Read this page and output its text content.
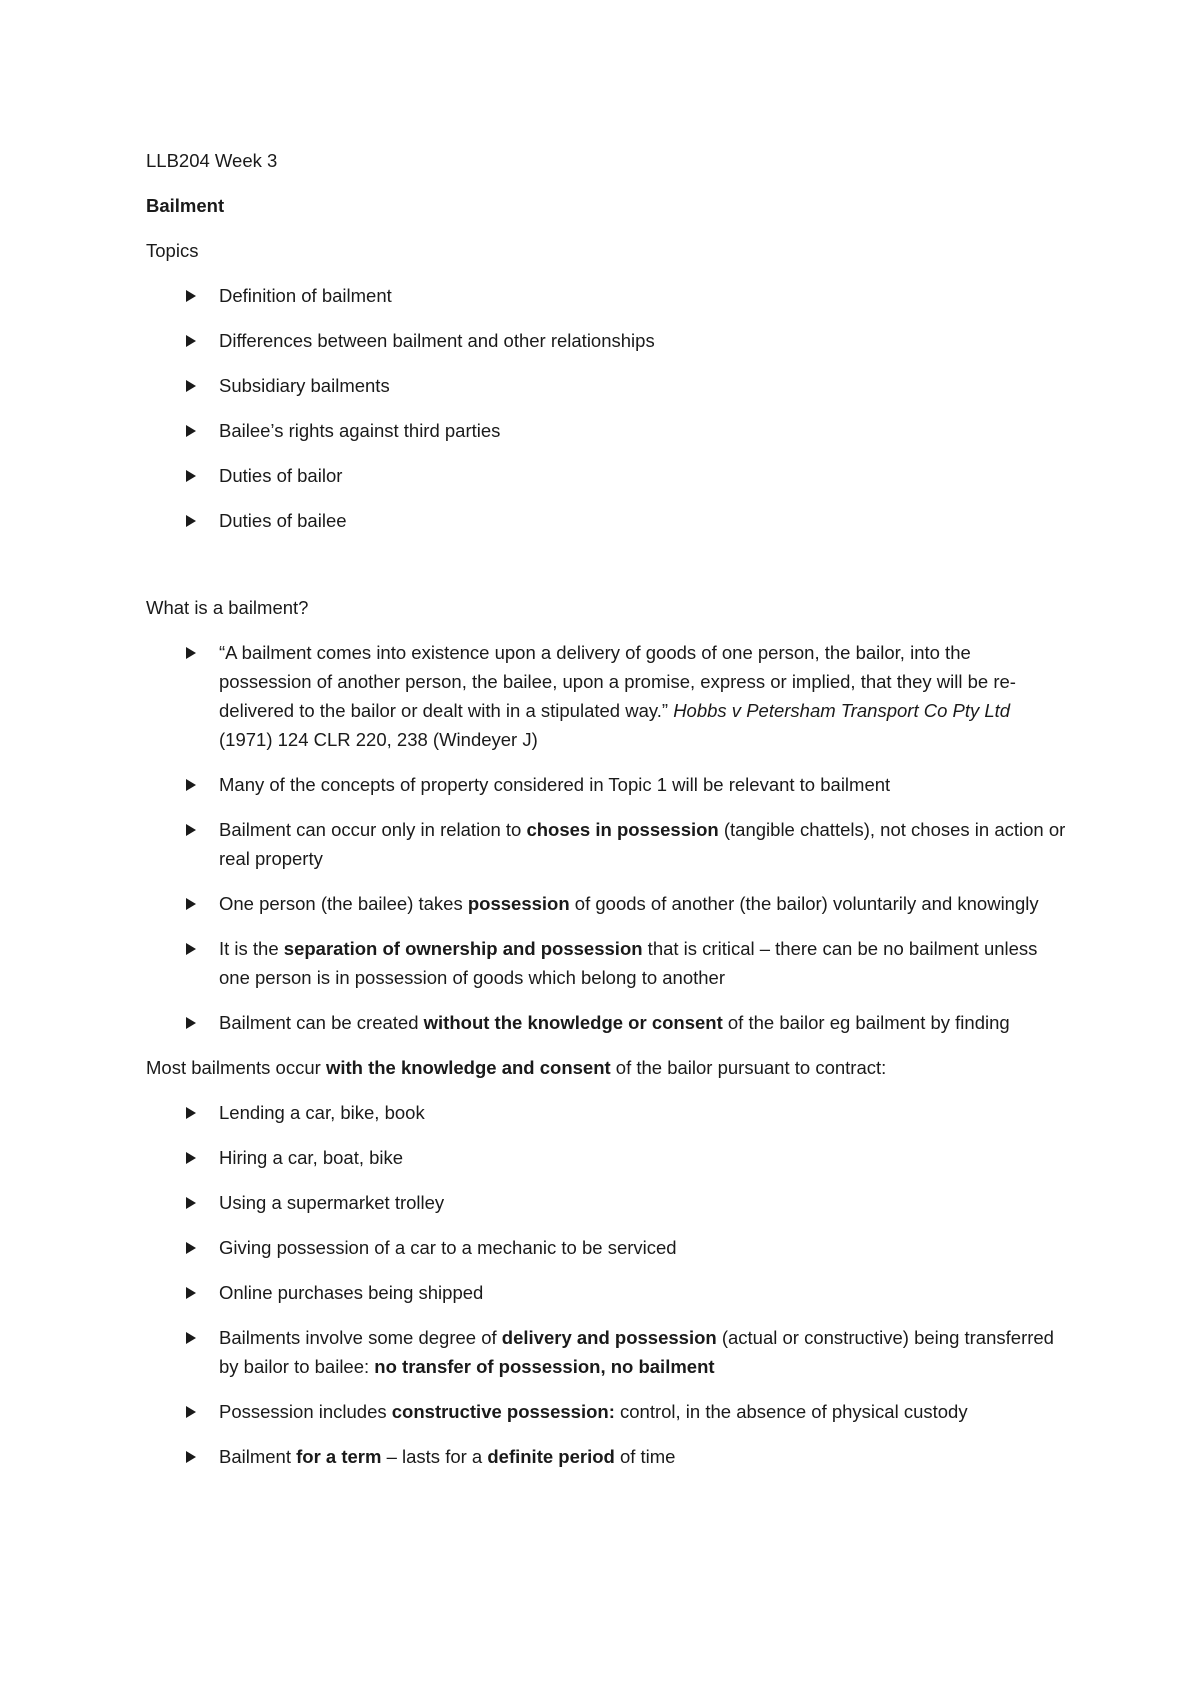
LLB204 Week 3

Bailment

Topics

Definition of bailment
Differences between bailment and other relationships
Subsidiary bailments
Bailee’s rights against third parties
Duties of bailor
Duties of bailee

What is a bailment?

“A bailment comes into existence upon a delivery of goods of one person, the bailor, into the possession of another person, the bailee, upon a promise, express or implied, that they will be re-delivered to the bailor or dealt with in a stipulated way.” Hobbs v Petersham Transport Co Pty Ltd (1971) 124 CLR 220, 238 (Windeyer J)
Many of the concepts of property considered in Topic 1 will be relevant to bailment
Bailment can occur only in relation to choses in possession (tangible chattels), not choses in action or real property
One person (the bailee) takes possession of goods of another (the bailor) voluntarily and knowingly
It is the separation of ownership and possession that is critical – there can be no bailment unless one person is in possession of goods which belong to another
Bailment can be created without the knowledge or consent of the bailor eg bailment by finding

Most bailments occur with the knowledge and consent of the bailor pursuant to contract:

Lending a car, bike, book
Hiring a car, boat, bike
Using a supermarket trolley
Giving possession of a car to a mechanic to be serviced
Online purchases being shipped
Bailments involve some degree of delivery and possession (actual or constructive) being transferred by bailor to bailee: no transfer of possession, no bailment
Possession includes constructive possession: control, in the absence of physical custody
Bailment for a term – lasts for a definite period of time
